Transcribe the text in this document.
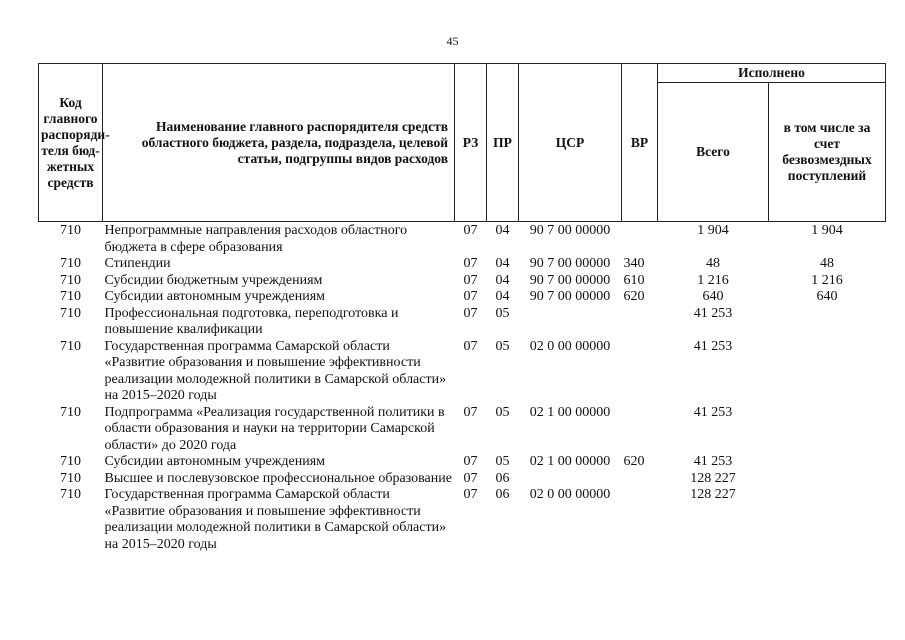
45
Код главного распоряди- теля бюд- жетных средств	Наименование главного распорядителя средств областного бюджета, раздела, подраздела, целевой статьи, подгруппы видов расходов	РЗ	ПР	ЦСР	ВР	Исполнено	
						Всего	в том числе за счет безвозмездных поступлений
710	Непрограммные направления расходов областного бюджета в сфере образования	07	04	90 7 00 00000		1 904	1 904
710	Стипендии	07	04	90 7 00 00000	340	48	48
710	Субсидии бюджетным учреждениям	07	04	90 7 00 00000	610	1 216	1 216
710	Субсидии автономным учреждениям	07	04	90 7 00 00000	620	640	640
710	Профессиональная подготовка, переподготовка и повышение квалификации	07	05			41 253	
710	Государственная программа Самарской области «Развитие образования и повышение эффективности реализации молодежной политики в Самарской области» на 2015–2020 годы	07	05	02 0 00 00000		41 253	
710	Подпрограмма «Реализация государственной политики в области образования и науки на территории Самарской области» до 2020 года	07	05	02 1 00 00000		41 253	
710	Субсидии автономным учреждениям	07	05	02 1 00 00000	620	41 253	
710	Высшее и послевузовское профессиональное образование	07	06			128 227	
710	Государственная программа Самарской области «Развитие образования и повышение эффективности реализации молодежной политики в Самарской области» на 2015–2020 годы	07	06	02 0 00 00000		128 227	
